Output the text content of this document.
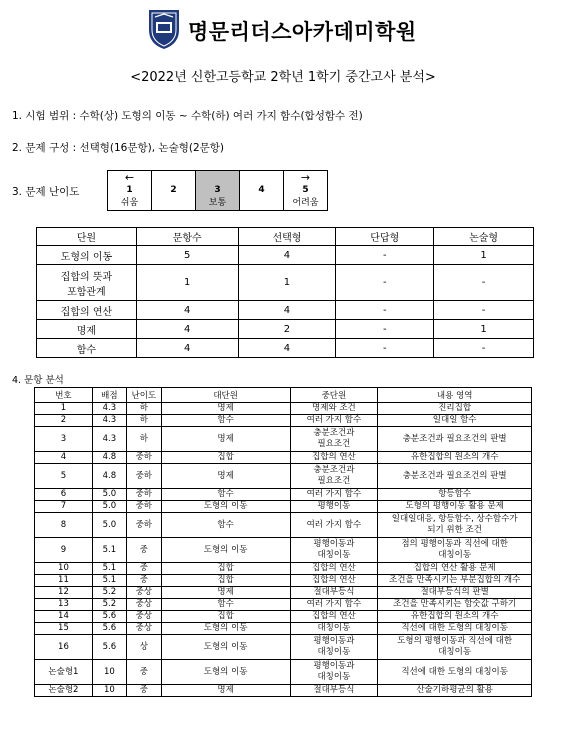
명문리더스아카데미학원
<2022년 신한고등학교 2학년 1학기 중간고사 분석>
1. 시험 범위 : 수학(상) 도형의 이동 ~ 수학(하) 여러 가지 함수(합성함수 전)
2. 문제 구성 : 선택형(16문항), 논술형(2문항)
3. 문제 난이도
←
1
쉬움
	2	3
보통
	4	
→
5
어려움
단원	문항수	선택형	단답형	논술형
도형의 이동	5	4	-	1
집합의 뜻과
포함관계	1	1	-	-
집합의 연산	4	4	-	-
명제	4	2	-	1
함수	4	4	-	-
4. 문항 분석
번호	배점	난이도	대단원	중단원	내용 영역
1	4.3	하	명제	명제와 조건	진리집합
2	4.3	하	함수	여러 가지 함수	일대일 함수
3	4.3	하	명제	충분조건과
필요조건	충분조건과 필요조건의 판별
4	4.8	중하	집합	집합의 연산	유한집합의 원소의 개수
5	4.8	중하	명제	충분조건과
필요조건	충분조건과 필요조건의 판별
6	5.0	중하	함수	여러 가지 함수	항등함수
7	5.0	중하	도형의 이동	평행이동	도형의 평행이동 활용 문제
8	5.0	중하	함수	여러 가지 함수	일대일대응, 항등함수, 상수함수가
되기 위한 조건
9	5.1	중	도형의 이동	평행이동과
대칭이동	점의 평행이동과 직선에 대한
대칭이동
10	5.1	중	집합	집합의 연산	집합의 연산 활용 문제
11	5.1	중	집합	집합의 연산	조건을 만족시키는 부분집합의 개수
12	5.2	중상	명제	절대부등식	절대부등식의 판별
13	5.2	중상	함수	여러 가지 함수	조건을 만족시키는 함숫값 구하기
14	5.6	중상	집합	집합의 연산	유한집합의 원소의 개수
15	5.6	중상	도형의 이동	대칭이동	직선에 대한 도형의 대칭이동
16	5.6	상	도형의 이동	평행이동과
대칭이동	도형의 평행이동과 직선에 대한
대칭이동
논술형1	10	중	도형의 이동	평행이동과
대칭이동	직선에 대한 도형의 대칭이동
논술형2	10	중	명제	절대부등식	산술기하평균의 활용
